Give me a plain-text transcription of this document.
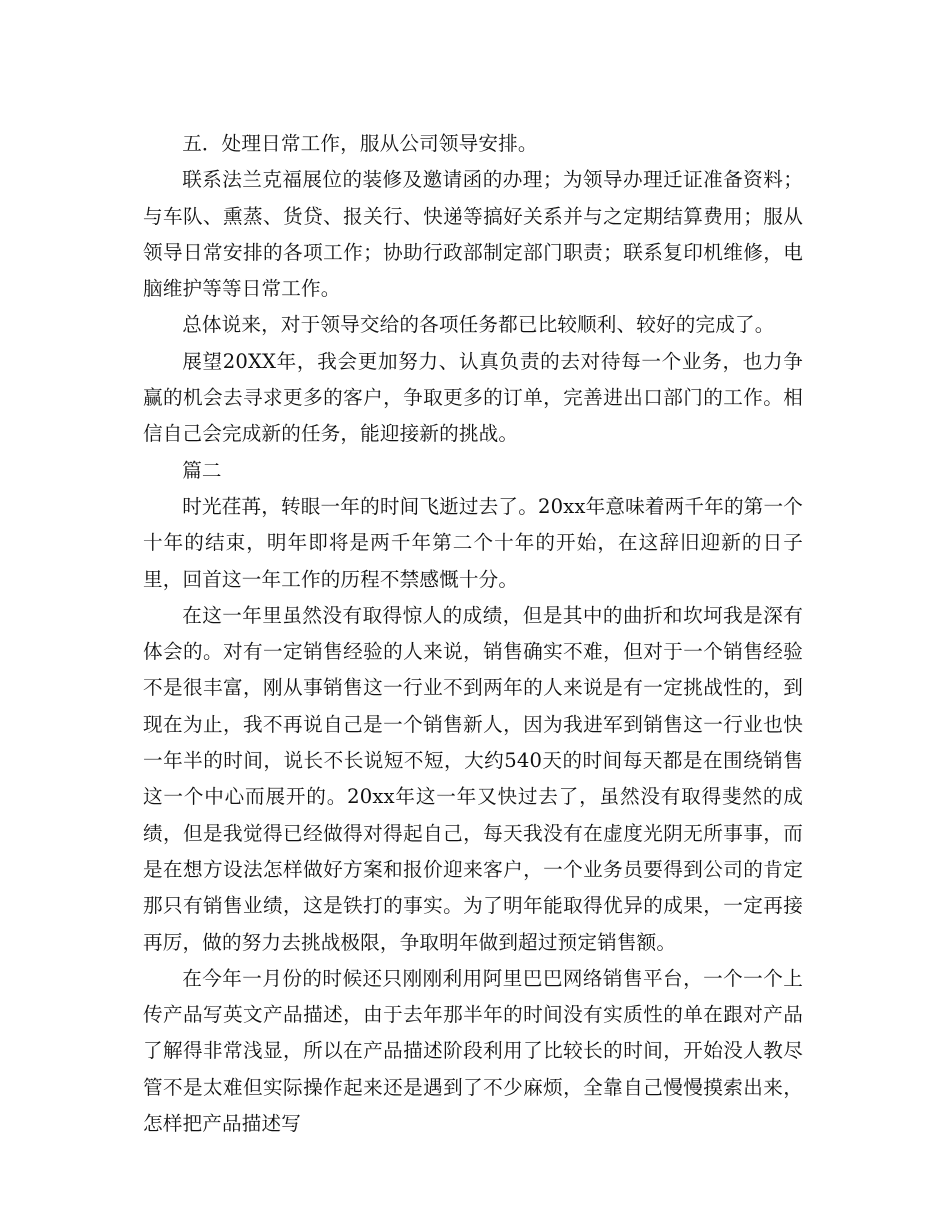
五．处理日常工作，服从公司领导安排。

联系法兰克福展位的装修及邀请函的办理；为领导办理迁证准备资料；与车队、熏蒸、货贷、报关行、快递等搞好关系并与之定期结算费用；服从领导日常安排的各项工作；协助行政部制定部门职责；联系复印机维修，电脑维护等等日常工作。

总体说来，对于领导交给的各项任务都已比较顺利、较好的完成了。

展望20XX年，我会更加努力、认真负责的去对待每一个业务，也力争赢的机会去寻求更多的客户，争取更多的订单，完善进出口部门的工作。相信自己会完成新的任务，能迎接新的挑战。

篇二

时光荏苒，转眼一年的时间飞逝过去了。20xx年意味着两千年的第一个十年的结束，明年即将是两千年第二个十年的开始，在这辞旧迎新的日子里，回首这一年工作的历程不禁感慨十分。

在这一年里虽然没有取得惊人的成绩，但是其中的曲折和坎坷我是深有体会的。对有一定销售经验的人来说，销售确实不难，但对于一个销售经验不是很丰富，刚从事销售这一行业不到两年的人来说是有一定挑战性的，到现在为止，我不再说自己是一个销售新人，因为我进军到销售这一行业也快一年半的时间，说长不长说短不短，大约540天的时间每天都是在围绕销售这一个中心而展开的。20xx年这一年又快过去了，虽然没有取得斐然的成绩，但是我觉得已经做得对得起自己，每天我没有在虚度光阴无所事事，而是在想方设法怎样做好方案和报价迎来客户，一个业务员要得到公司的肯定那只有销售业绩，这是铁打的事实。为了明年能取得优异的成果，一定再接再厉，做的努力去挑战极限，争取明年做到超过预定销售额。

在今年一月份的时候还只刚刚利用阿里巴巴网络销售平台，一个一个上传产品写英文产品描述，由于去年那半年的时间没有实质性的单在跟对产品了解得非常浅显，所以在产品描述阶段利用了比较长的时间，开始没人教尽管不是太难但实际操作起来还是遇到了不少麻烦，全靠自己慢慢摸索出来，怎样把产品描述写
